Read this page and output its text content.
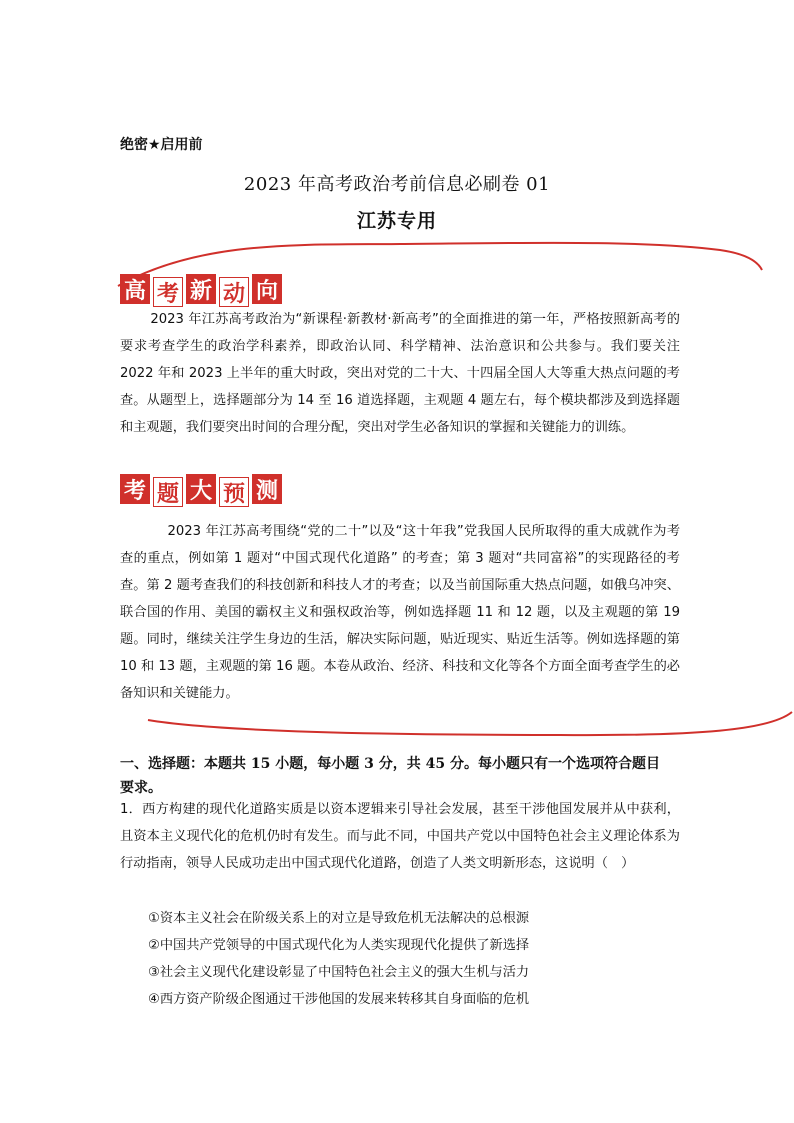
绝密★启用前
2023 年高考政治考前信息必刷卷 01
江苏专用
高 考 新 动 向
2023 年江苏高考政治为“新课程·新教材·新高考”的全面推进的第一年，严格按照新高考的要求考查学生的政治学科素养，即政治认同、科学精神、法治意识和公共参与。我们要关注 2022 年和 2023 上半年的重大时政，突出对党的二十大、十四届全国人大等重大热点问题的考查。从题型上，选择题部分为 14 至 16 道选择题，主观题 4 题左右，每个模块都涉及到选择题和主观题，我们要突出时间的合理分配，突出对学生必备知识的掌握和关键能力的训练。
考 题 大 预 测
2023 年江苏高考围绕“党的二十”以及“这十年我”党我国人民所取得的重大成就作为考查的重点，例如第 1 题对“中国式现代化道路” 的考查；第 3 题对“共同富裕”的实现路径的考查。第 2 题考查我们的科技创新和科技人才的考查；以及当前国际重大热点问题，如俄乌冲突、联合国的作用、美国的霸权主义和强权政治等，例如选择题 11 和 12 题，以及主观题的第 19 题。同时，继续关注学生身边的生活，解决实际问题，贴近现实、贴近生活等。例如选择题的第 10 和 13 题，主观题的第 16 题。本卷从政治、经济、科技和文化等各个方面全面考查学生的必备知识和关键能力。
一、选择题：本题共 15 小题，每小题 3 分，共 45 分。每小题只有一个选项符合题目要求。
1．西方构建的现代化道路实质是以资本逻辑来引导社会发展，甚至干涉他国发展并从中获利，且资本主义现代化的危机仍时有发生。而与此不同，中国共产党以中国特色社会主义理论体系为行动指南，领导人民成功走出中国式现代化道路，创造了人类文明新形态，这说明（　）
①资本主义社会在阶级关系上的对立是导致危机无法解决的总根源
②中国共产党领导的中国式现代化为人类实现现代化提供了新选择
③社会主义现代化建设彰显了中国特色社会主义的强大生机与活力
④西方资产阶级企图通过干涉他国的发展来转移其自身面临的危机
